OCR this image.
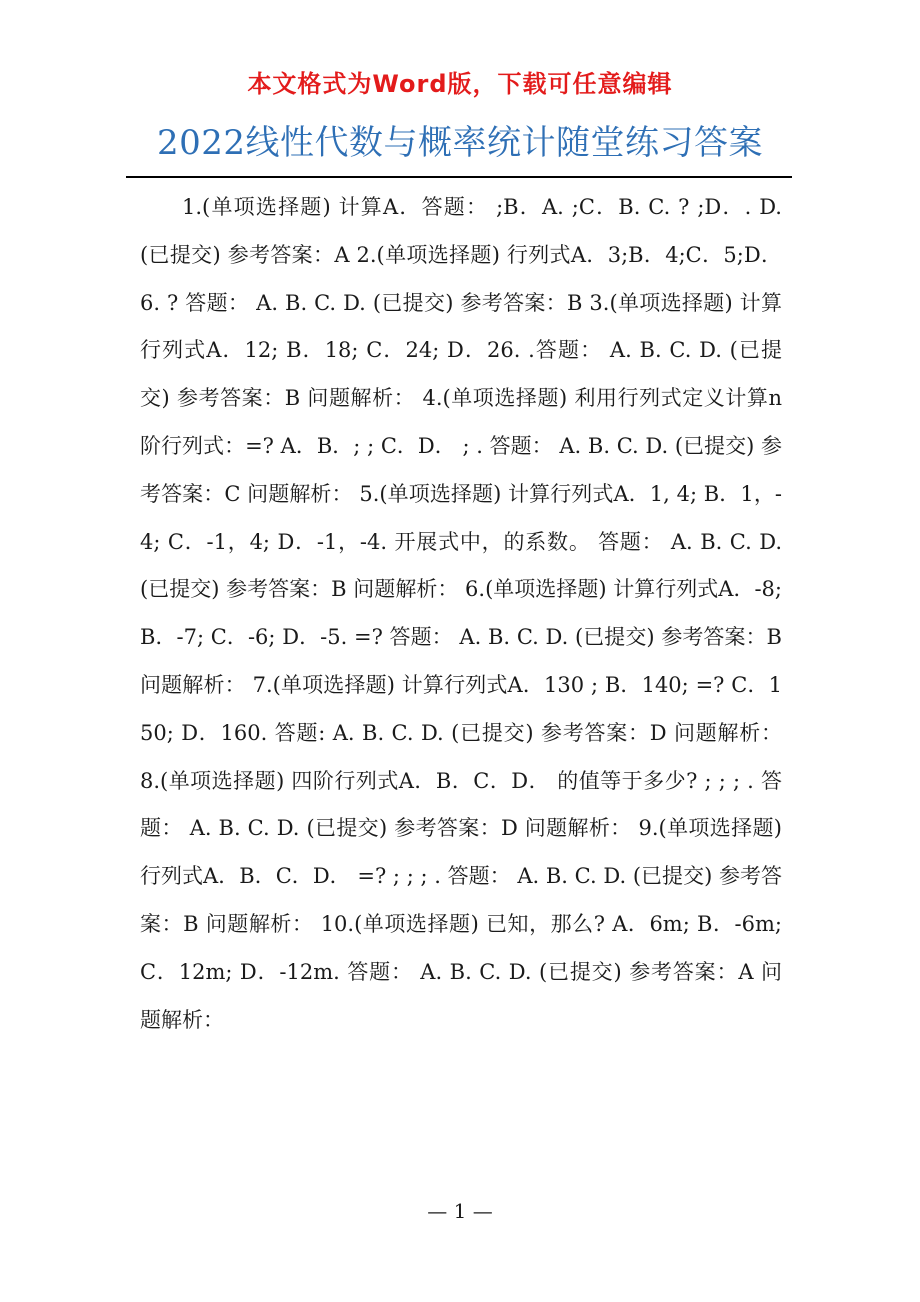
本文格式为Word版，下载可任意编辑
2022线性代数与概率统计随堂练习答案

1.(单项选择题) 计算A．答题： ;B．A. ;C．B. C. ? ;D．. D. (已提交) 参考答案：A 2.(单项选择题) 行列式A．3;B．4;C．5;D．6. ? 答题： A. B. C. D. (已提交) 参考答案：B 3.(单项选择题) 计算行列式A．12; B．18; C．24; D．26. .答题： A. B. C. D. (已提交) 参考答案：B 问题解析： 4.(单项选择题) 利用行列式定义计算n阶行列式：=? A．B．; ; C．D． ; . 答题： A. B. C. D. (已提交) 参考答案：C 问题解析： 5.(单项选择题) 计算行列式A．1, 4; B．1，-4; C．-1，4; D．-1，-4. 开展式中，的系数。 答题： A. B. C. D. (已提交) 参考答案：B 问题解析： 6.(单项选择题) 计算行列式A．-8; B．-7; C．-6; D．-5. =? 答题： A. B. C. D. (已提交) 参考答案：B 问题解析： 7.(单项选择题) 计算行列式A．130 ; B．140; =? C．150; D．160. 答题: A. B. C. D. (已提交) 参考答案：D 问题解析： 8.(单项选择题) 四阶行列式A．B．C．D． 的值等于多少? ; ; ; . 答题： A. B. C. D. (已提交) 参考答案：D 问题解析： 9.(单项选择题) 行列式A．B．C．D． =? ; ; ; . 答题： A. B. C. D. (已提交) 参考答案：B 问题解析： 10.(单项选择题) 已知，那么? A．6m; B．-6m; C．12m; D．-12m. 答题： A. B. C. D. (已提交) 参考答案：A 问题解析：

— 1 —
